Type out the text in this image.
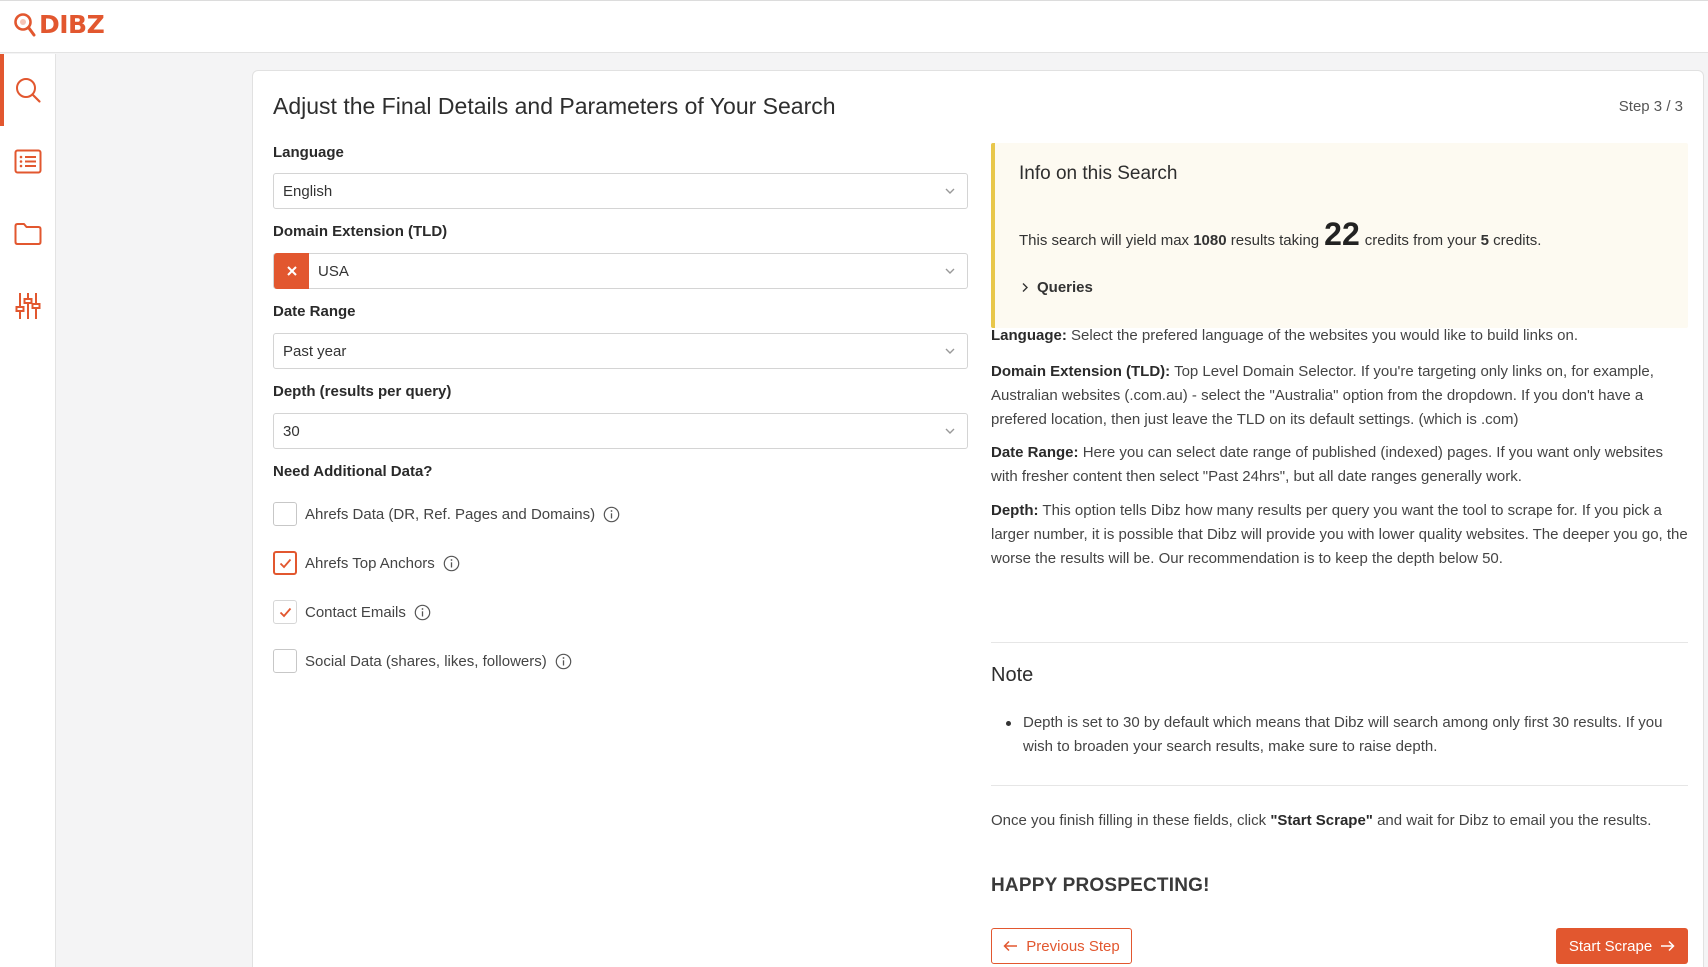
DIBZ
Adjust the Final Details and Parameters of Your Search	Step 3 / 3
Language
English
Domain Extension (TLD)
USA
Date Range
Past year
Depth (results per query)
30
Need Additional Data?
Ahrefs Data (DR, Ref. Pages and Domains)
Ahrefs Top Anchors
Contact Emails
Social Data (shares, likes, followers)
Info on this Search
This search will yield max
1080
results taking 22 credits from your
5
credits.
Queries

Language: Select the prefered language of the websites you would like to build links on.

Domain Extension (TLD): Top Level Domain Selector. If you're targeting only links on, for example, Australian websites (.com.au) - select the "Australia" option from the dropdown. If you don't have a prefered location, then just leave the TLD on its default settings. (which is .com)

Date Range: Here you can select date range of published (indexed) pages. If you want only websites with fresher content then select "Past 24hrs", but all date ranges generally work.

Depth: This option tells Dibz how many results per query you want the tool to scrape for. If you pick a larger number, it is possible that Dibz will provide you with lower quality websites. The deeper you go, the worse the results will be. Our recommendation is to keep the depth below 50.

Note
Depth is set to 30 by default which means that Dibz will search among only first 30 results. If you wish to broaden your search results, make sure to raise depth.

Once you finish filling in these fields, click "Start Scrape" and wait for Dibz to email you the results.

HAPPY PROSPECTING!
Previous Step	Start Scrape
